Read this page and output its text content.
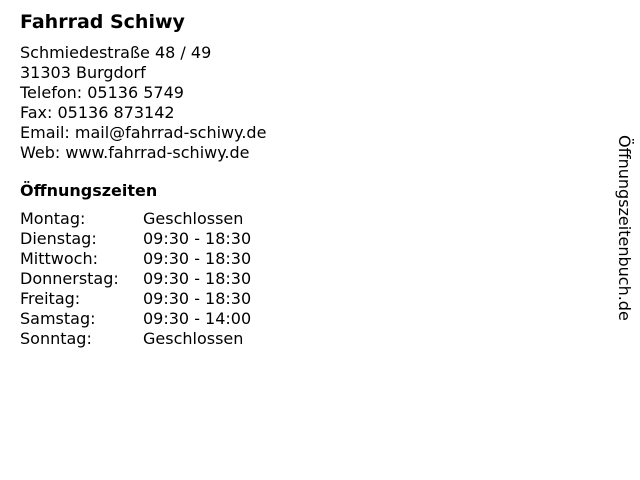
Fahrrad Schiwy
Schmiedestraße 48 / 49
31303 Burgdorf
Telefon: 05136 5749
Fax: 05136 873142
Email: mail@fahrrad-schiwy.de
Web: www.fahrrad-schiwy.de
Öffnungszeiten
Montag:	Geschlossen
Dienstag:	09:30 - 18:30
Mittwoch:	09:30 - 18:30
Donnerstag:	09:30 - 18:30
Freitag:	09:30 - 18:30
Samstag:	09:30 - 14:00
Sonntag:	Geschlossen
Öffnungszeitenbuch.de
